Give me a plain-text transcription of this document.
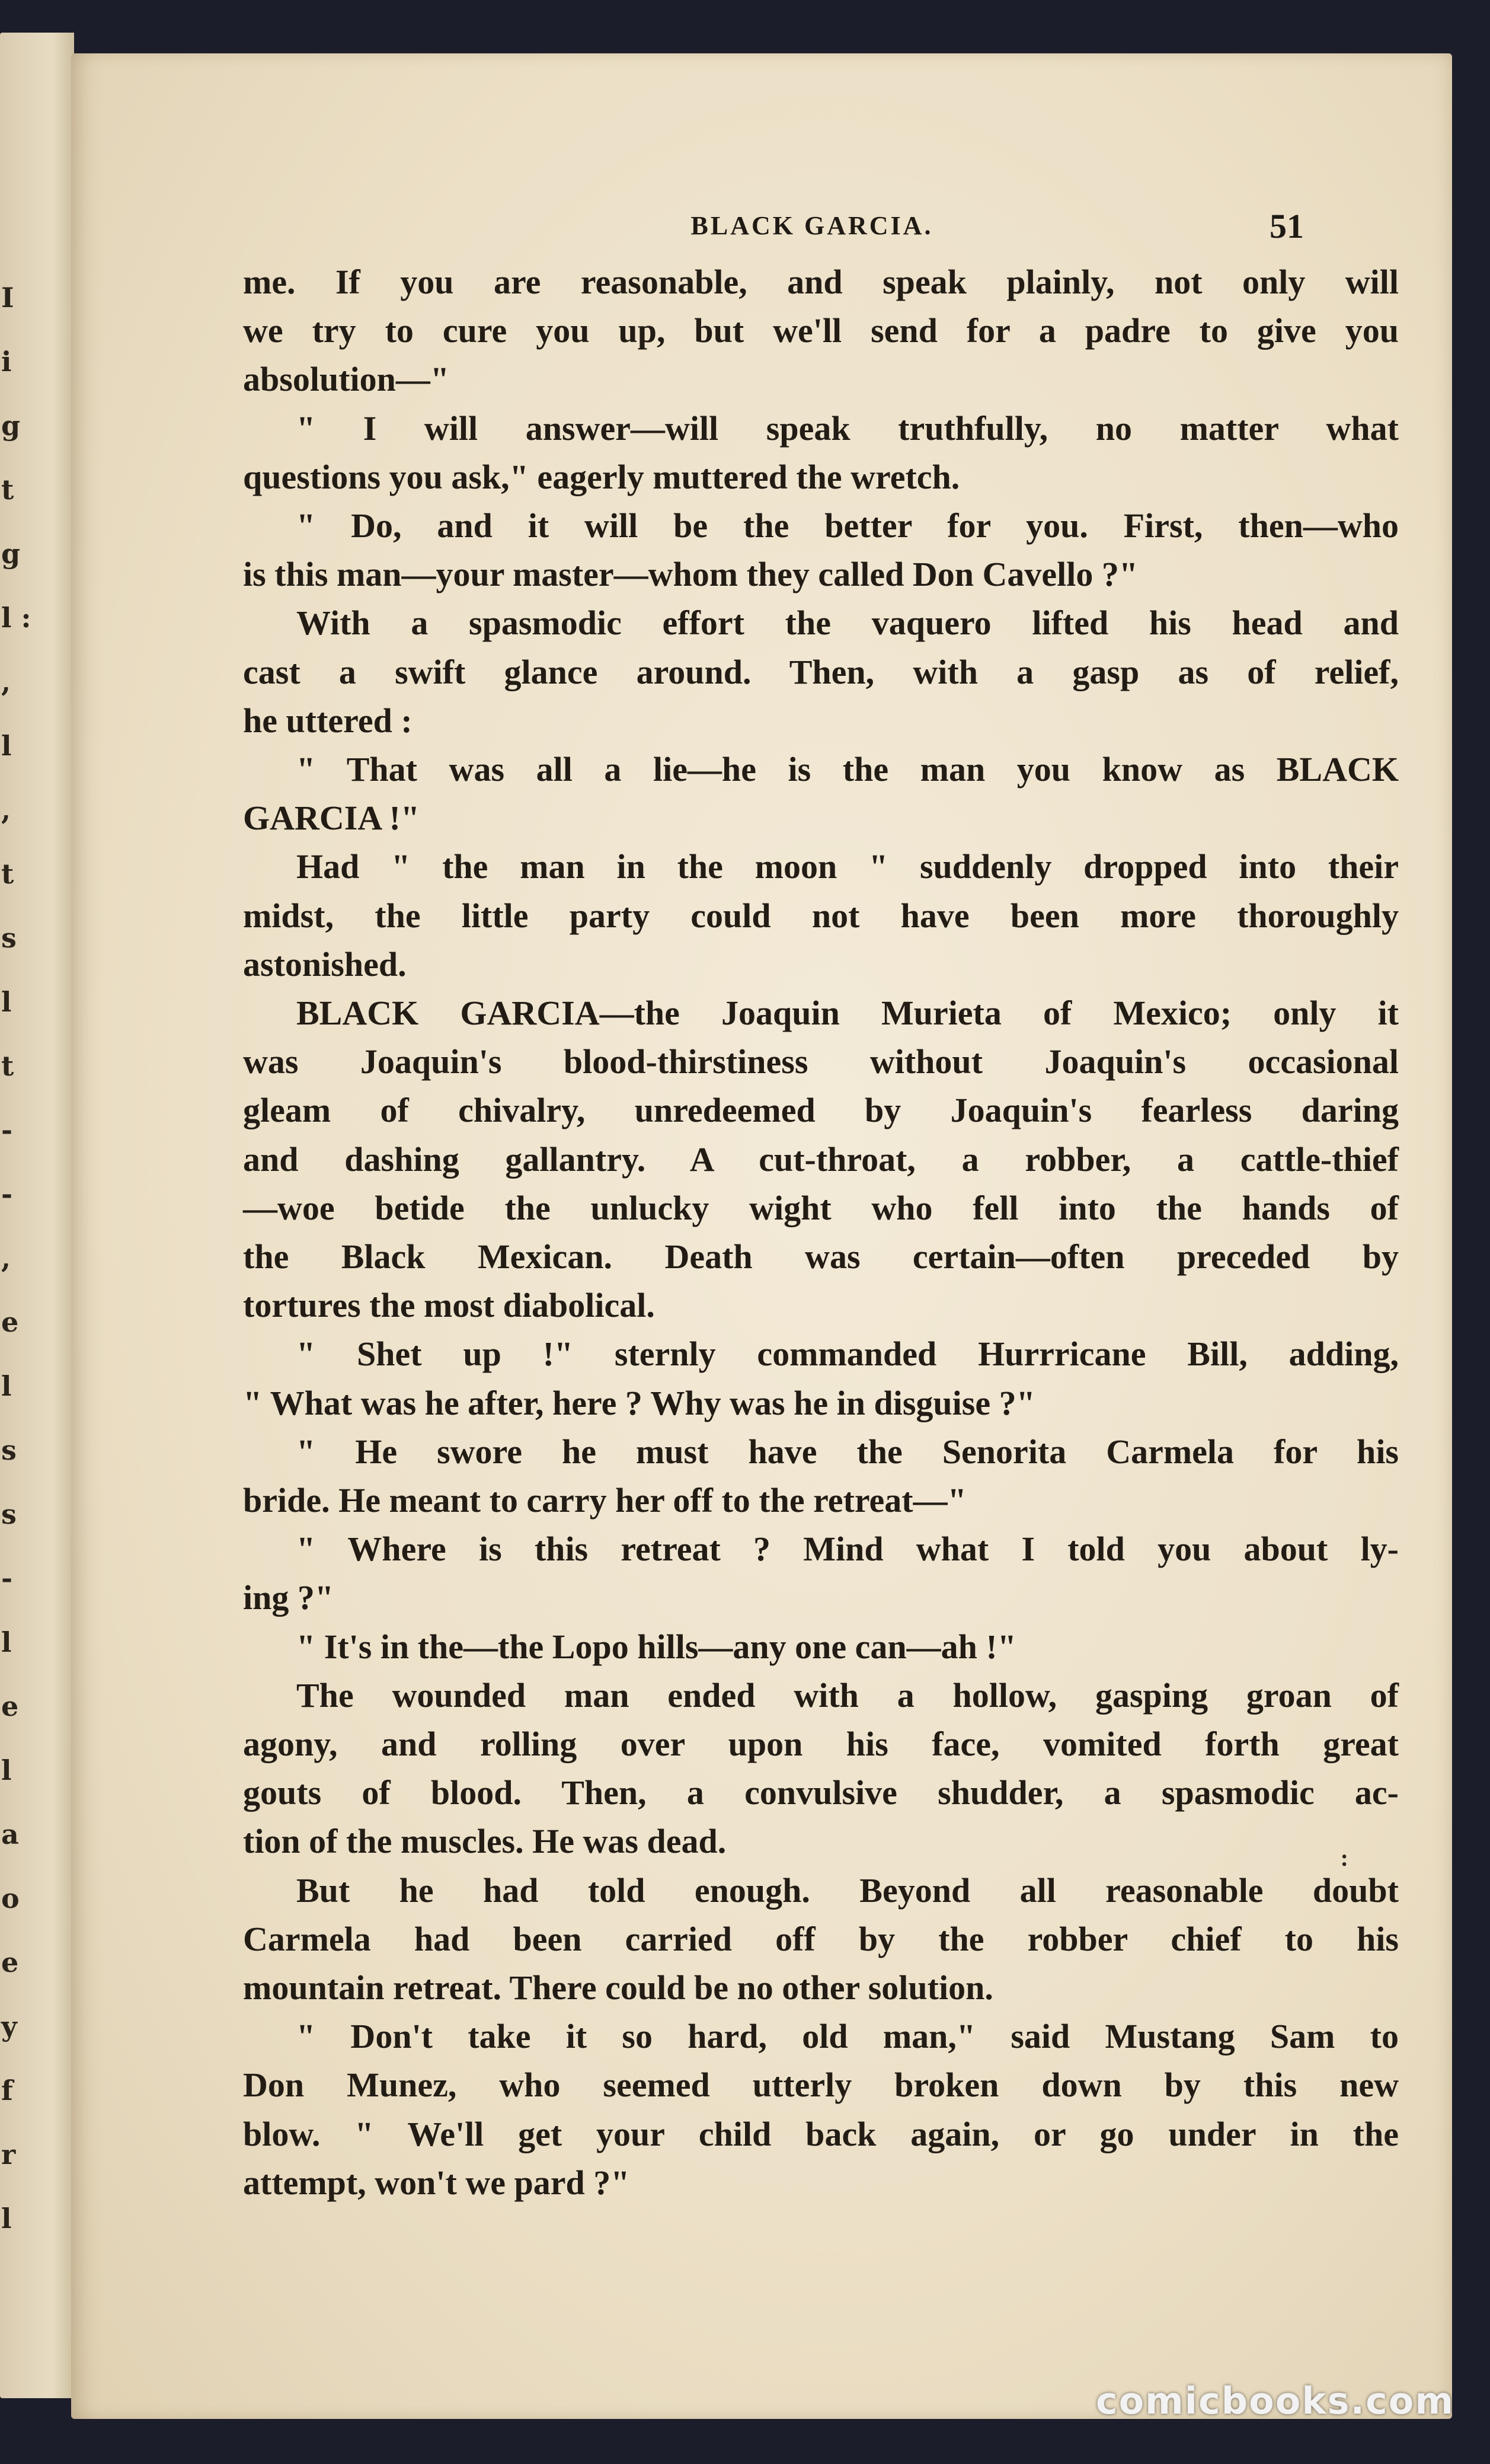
I
i
g
t
g
l :
,
l
,
t
s
l
t
-
-
,
e
l
s
s
-
l
e
l
a
o
e
y
f
r
l
BLACK GARCIA.	51
me. If you are reasonable, and speak plainly, not only will
we try to cure you up, but we'll send for a padre to give you
absolution—"
" I will answer—will speak truthfully, no matter what
questions you ask," eagerly muttered the wretch.
" Do, and it will be the better for you. First, then—who
is this man—your master—whom they called Don Cavello ?"
With a spasmodic effort the vaquero lifted his head and
cast a swift glance around. Then, with a gasp as of relief,
he uttered :
" That was all a lie—he is the man you know as BLACK
GARCIA !"
Had " the man in the moon " suddenly dropped into their
midst, the little party could not have been more thoroughly
astonished.
BLACK GARCIA—the Joaquin Murieta of Mexico; only it
was Joaquin's blood-thirstiness without Joaquin's occasional
gleam of chivalry, unredeemed by Joaquin's fearless daring
and dashing gallantry. A cut-throat, a robber, a cattle-thief
—woe betide the unlucky wight who fell into the hands of
the Black Mexican. Death was certain—often preceded by
tortures the most diabolical.
" Shet up !" sternly commanded Hurrricane Bill, adding,
" What was he after, here ? Why was he in disguise ?"
" He swore he must have the Senorita Carmela for his
bride. He meant to carry her off to the retreat—"
" Where is this retreat ? Mind what I told you about ly-
ing ?"
" It's in the—the Lopo hills—any one can—ah !"
The wounded man ended with a hollow, gasping groan of
agony, and rolling over upon his face, vomited forth great
gouts of blood. Then, a convulsive shudder, a spasmodic ac-
tion of the muscles. He was dead.
But he had told enough. Beyond all reasonable doubt
Carmela had been carried off by the robber chief to his
mountain retreat. There could be no other solution.
" Don't take it so hard, old man," said Mustang Sam to
Don Munez, who seemed utterly broken down by this new
blow. " We'll get your child back again, or go under in the
attempt, won't we pard ?"
:
comicbooks.com
